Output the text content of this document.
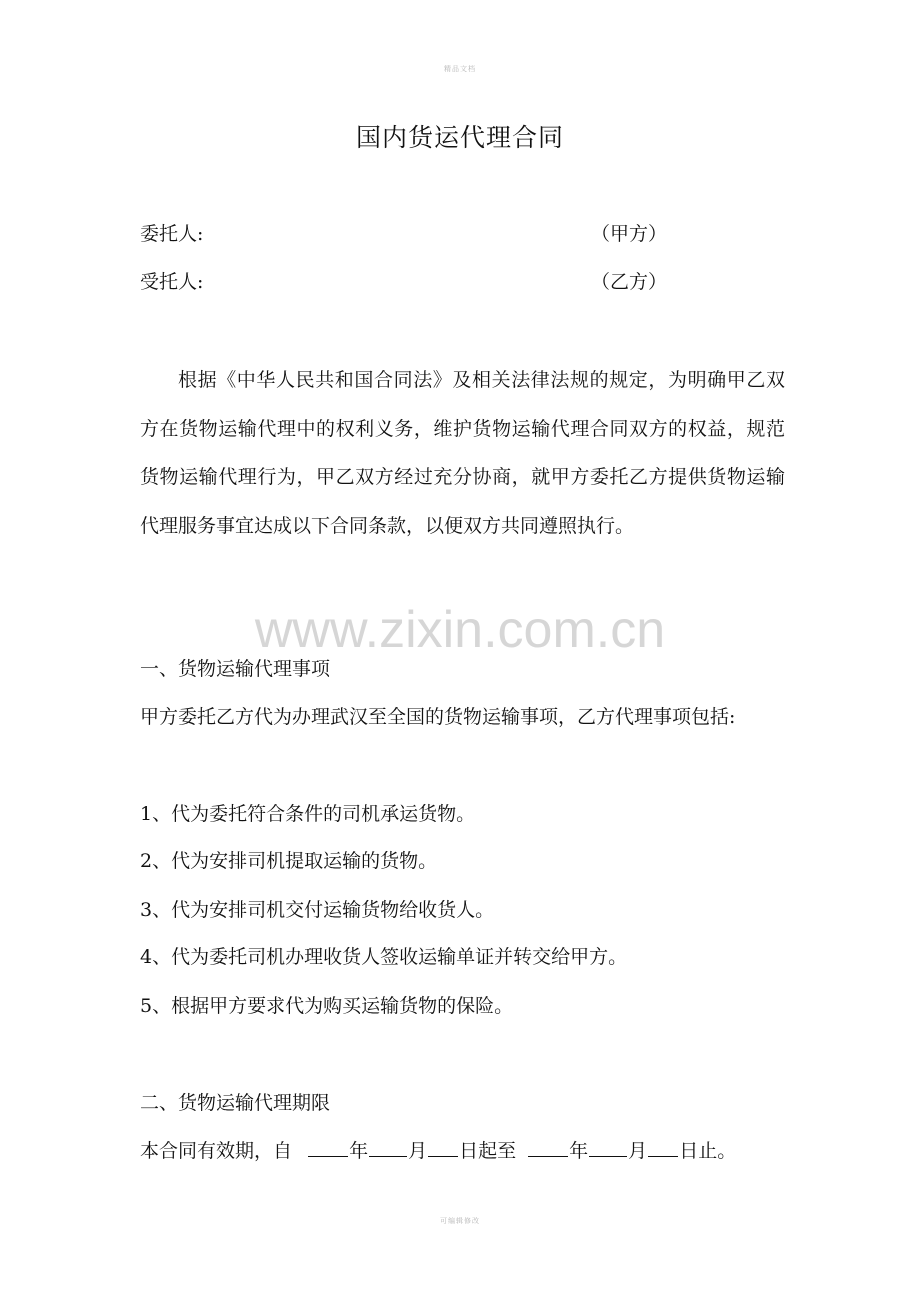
精品文档
国内货运代理合同
委托人:	（甲方）
受托人:	（乙方）

根据《中华人民共和国合同法》及相关法律法规的规定，为明确甲乙双方在货物运输代理中的权利义务，维护货物运输代理合同双方的权益，规范货物运输代理行为，甲乙双方经过充分协商，就甲方委托乙方提供货物运输代理服务事宜达成以下合同条款，以便双方共同遵照执行。

www.zixin.com.cn
一、货物运输代理事项
甲方委托乙方代为办理武汉至全国的货物运输事项，乙方代理事项包括:
1、代为委托符合条件的司机承运货物。
2、代为安排司机提取运输的货物。
3、代为安排司机交付运输货物给收货人。
4、代为委托司机办理收货人签收运输单证并转交给甲方。
5、根据甲方要求代为购买运输货物的保险。
二、货物运输代理期限
本合同有效期，自	年 月 日起至	年 月 日止。
可编辑修改
